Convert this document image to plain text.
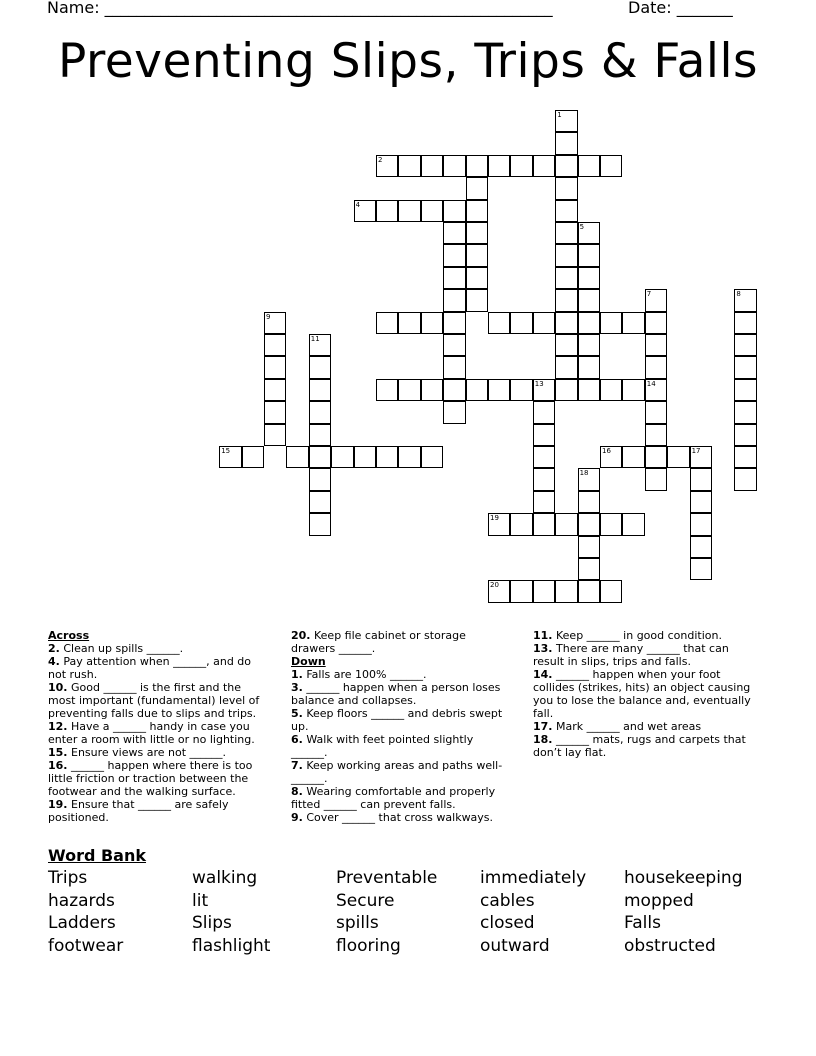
Name: ________________________________________________________	Date: _______
Preventing Slips, Trips & Falls
2
1
4
5
7	8
9
11
13	14
15	16	17
18
19
20

Across

2. Clean up spills ______.

4. Pay attention when ______, and do not rush.

10. Good ______ is the first and the most important (fundamental) level of preventing falls due to slips and trips.

12. Have a ______ handy in case you enter a room with little or no lighting.

15. Ensure views are not ______.

16. ______ happen where there is too little friction or traction between the footwear and the walking surface.

19. Ensure that ______ are safely positioned.

20. Keep file cabinet or storage drawers ______.

Down

1. Falls are 100% ______.

3. ______ happen when a person loses balance and collapses.

5. Keep floors ______ and debris swept up.

6. Walk with feet pointed slightly ______.

7. Keep working areas and paths well-______.

8. Wearing comfortable and properly fitted ______ can prevent falls.

9. Cover ______ that cross walkways.

11. Keep ______ in good condition.

13. There are many ______ that can result in slips, trips and falls.

14. ______ happen when your foot collides (strikes, hits) an object causing you to lose the balance and, eventually fall.

17. Mark ______ and wet areas

18. ______ mats, rugs and carpets that don’t lay flat.

Word Bank
Trips	walking	Preventable	immediately	housekeeping
hazards	lit	Secure	cables	mopped
Ladders	Slips	spills	closed	Falls
footwear	flashlight	flooring	outward	obstructed
